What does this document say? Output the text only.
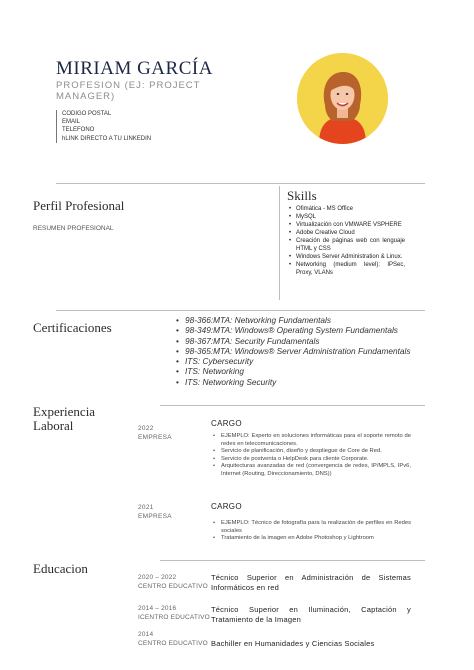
MIRIAM GARCÍA
PROFESION (EJ: PROJECT MANAGER)
CODIGO POSTAL
EMAIL
TELEFONO
hLINK DIRECTO A TU LINKEDIN
Perfil Profesional
RESUMEN PROFESIONAL
Skills
• Ofimática - MS Office
• MySQL
• Virtualización con VMWARE VSPHERE
• Adobe Creative Cloud
• Creación de páginas web con lenguaje HTML y CSS
• Windows Server Administration & Linux.
• Networking (medium level): IPSec, Proxy, VLANs
Certificaciones
•	98-366:MTA: Networking Fundamentals
• 98-349:MTA: Windows® Operating System Fundamentals
• 98-367:MTA: Security Fundamentals
• 98-365:MTA: Windows® Server Administration Fundamentals
• ITS: Cybersecurity
• ITS: Networking
• ITS: Networking Security
Experiencia
Laboral	2022
EMPRESA
CARGO
• EJEMPLO: Experto en soluciones informáticas para el soporte remoto de redes en telecomunicaciones.
• Servicio de planificación, diseño y despliegue de Core de Red.
• Servicio de postventa o HelpDesk para cliente Corporate.
• Arquitecturas avanzadas de red (convergencia de redes, IP/MPLS, IPv6, Internet (Routing, Direccionamiento, DNS))
2021
EMPRESA
CARGO
• EJEMPLO: Técnico de fotografía para la realización de perfiles en Redes sociales
• Tratamiento de la imagen en Adobe Photoshop y Lightroom
Educacion
2020 – 2022
CENTRO EDUCATIVO
Técnico Superior en Administración de Sistemas Informáticos en red
2014 – 2016
ICENTRO EDUCATIVO
Técnico Superior en Iluminación, Captación y Tratamiento de la Imagen
2014
CENTRO EDUCATIVO Bachiller en Humanidades y Ciencias Sociales
